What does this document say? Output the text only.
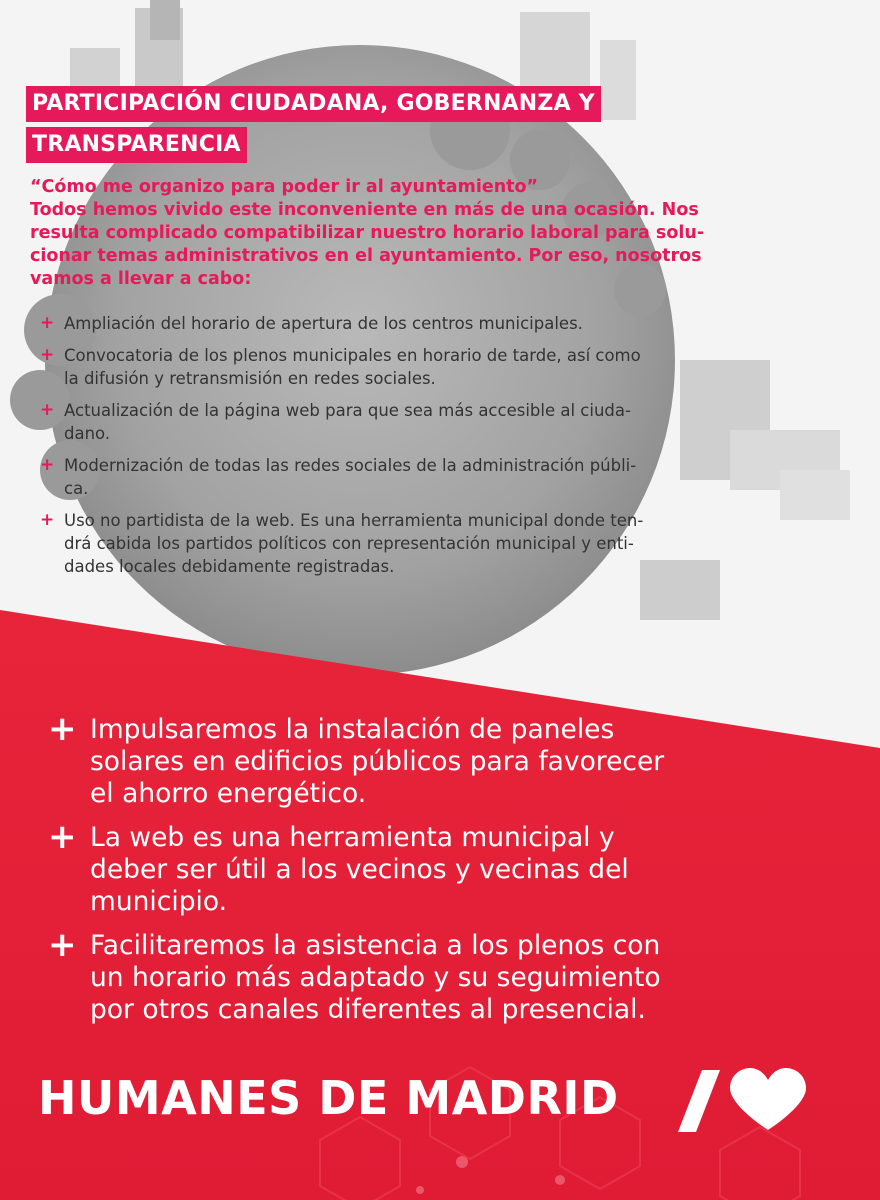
PARTICIPACIÓN CIUDADANA, GOBERNANZA Y
TRANSPARENCIA
“Cómo me organizo para poder ir al ayuntamiento”
Todos hemos vivido este inconveniente en más de una ocasión. Nos
resulta complicado compatibilizar nuestro horario laboral para solu-
cionar temas administrativos en el ayuntamiento. Por eso, nosotros
vamos a llevar a cabo:
+ Ampliación del horario de apertura de los centros municipales.
+ Convocatoria de los plenos municipales en horario de tarde, así como
la difusión y retransmisión en redes sociales.
+ Actualización de la página web para que sea más accesible al ciuda-
dano.
+ Modernización de todas las redes sociales de la administración públi-
ca.
+ Uso no partidista de la web. Es una herramienta municipal donde ten-
drá cabida los partidos políticos con representación municipal y enti-
dades locales debidamente registradas.
+ Impulsaremos la instalación de paneles
solares en edificios públicos para favorecer
el ahorro energético.
+ La web es una herramienta municipal y
deber ser útil a los vecinos y vecinas del
municipio.
+ Facilitaremos la asistencia a los plenos con
un horario más adaptado y su seguimiento
por otros canales diferentes al presencial.
HUMANES DE MADRID
